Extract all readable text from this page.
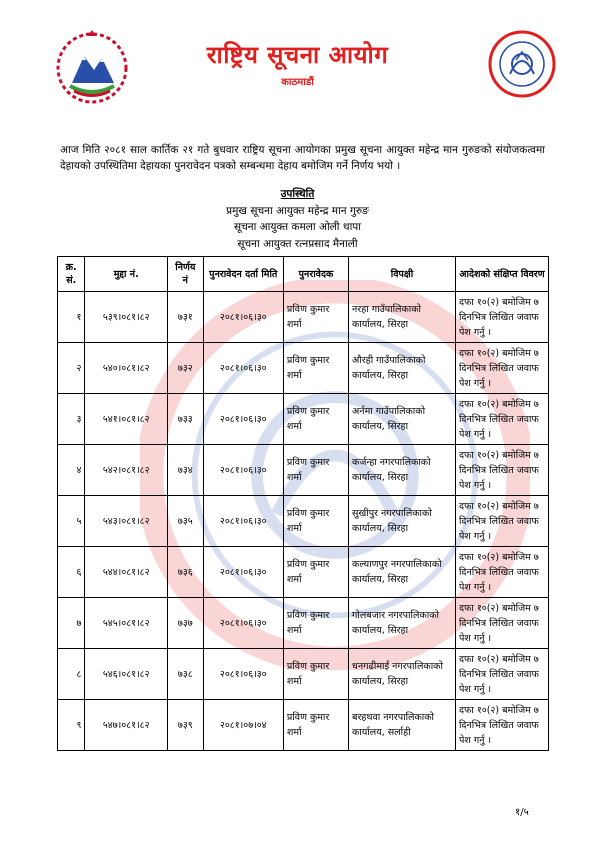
राष्ट्रिय सूचना आयोग
काठमाडौं
आज मिति २०८१ साल कार्तिक २१ गते बुधवार राष्ट्रिय सूचना आयोगका प्रमुख सूचना आयुक्त महेन्द्र मान गुरुङको संयोजकत्वमा देहायको उपस्थितिमा देहायका पुनरावेदन पत्रको सम्बन्धमा देहाय बमोजिम गर्ने निर्णय भयो ।
उपस्थिति
प्रमुख सूचना आयुक्त महेन्द्र मान गुरुङ
सूचना आयुक्त कमला ओली थापा
सूचना आयुक्त रत्नप्रसाद मैनाली
क्र. सं.	मुद्दा नं.	निर्णय नं	पुनरावेदन दर्ता मिति	पुनरावेदक	विपक्षी	आदेशको संक्षिप्त विवरण
१	५३९।०८१।८२	७३१	२०८१।०६।३०	प्रविण कुमार शर्मा	नरहा गाउँपालिकाको कार्यालय, सिरहा	दफा १०(२) बमोजिम ७ दिनभित्र लिखित जवाफ पेश गर्नु ।
२	५४०।०८१।८२	७३२	२०८१।०६।३०	प्रविण कुमार शर्मा	औरही गाउँपालिकाको कार्यालय, सिरहा	दफा १०(२) बमोजिम ७ दिनभित्र लिखित जवाफ पेश गर्नु ।
३	५४१।०८१।८२	७३३	२०८१।०६।३०	प्रविण कुमार शर्मा	अर्नमा गाउँपालिकाको कार्यालय, सिरहा	दफा १०(२) बमोजिम ७ दिनभित्र लिखित जवाफ पेश गर्नु ।
४	५४२।०८१।८२	७३४	२०८१।०६।३०	प्रविण कुमार शर्मा	कर्जन्हा नगरपालिकाको कार्यालय, सिरहा	दफा १०(२) बमोजिम ७ दिनभित्र लिखित जवाफ पेश गर्नु ।
५	५४३।०८१।८२	७३५	२०८१।०६।३०	प्रविण कुमार शर्मा	सुखीपुर नगरपालिकाको कार्यालय, सिरहा	दफा १०(२) बमोजिम ७ दिनभित्र लिखित जवाफ पेश गर्नु ।
६	५४४।०८१।८२	७३६	२०८१।०६।३०	प्रविण कुमार शर्मा	कल्याणपुर नगरपालिकाको कार्यालय, सिरहा	दफा १०(२) बमोजिम ७ दिनभित्र लिखित जवाफ पेश गर्नु ।
७	५४५।०८१।८२	७३७	२०८१।०६।३०	प्रविण कुमार शर्मा	गोलबजार नगरपालिकाको कार्यालय, सिरहा	दफा १०(२) बमोजिम ७ दिनभित्र लिखित जवाफ पेश गर्नु ।
८	५४६।०८१।८२	७३८	२०८१।०६।३०	प्रविण कुमार शर्मा	धनगढीमाई नगरपालिकाको कार्यालय, सिरहा	दफा १०(२) बमोजिम ७ दिनभित्र लिखित जवाफ पेश गर्नु ।
९	५४७।०८१।८२	७३९	२०८१।०७।०४	प्रविण कुमार शर्मा	बरहथवा नगरपालिकाको कार्यालय, सर्लाही	दफा १०(२) बमोजिम ७ दिनभित्र लिखित जवाफ पेश गर्नु ।
१/५
